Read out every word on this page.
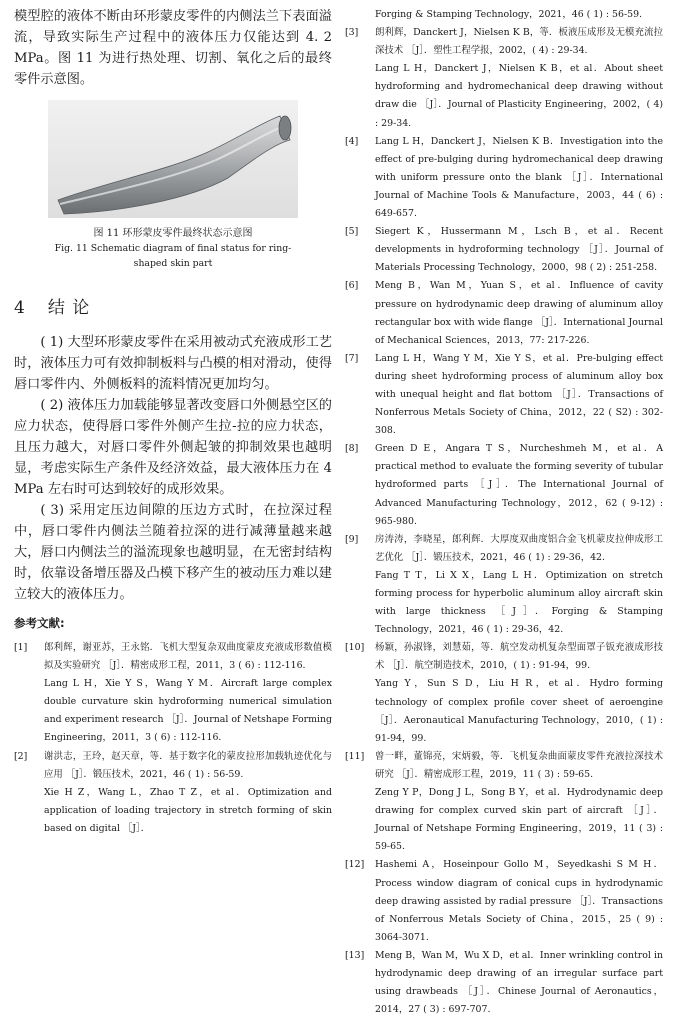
模型腔的液体不断由环形蒙皮零件的内侧法兰下表面溢流，导致实际生产过程中的液体压力仅能达到 4. 2 MPa。图 11 为进行热处理、切割、氧化之后的最终零件示意图。

图 11 环形蒙皮零件最终状态示意图
Fig. 11 Schematic diagram of final status for ring-shaped skin part
4 结 论

( 1) 大型环形蒙皮零件在采用被动式充液成形工艺时，液体压力可有效抑制板料与凸模的相对滑动，使得唇口零件内、外侧板料的流料情况更加均匀。

( 2) 液体压力加载能够显著改变唇口外侧悬空区的应力状态，使得唇口零件外侧产生拉-拉的应力状态，且压力越大，对唇口零件外侧起皱的抑制效果也越明显，考虑实际生产条件及经济效益，最大液体压力在 4 MPa 左右时可达到较好的成形效果。

( 3) 采用定压边间隙的压边方式时，在拉深过程中，唇口零件内侧法兰随着拉深的进行减薄量越来越大，唇口内侧法兰的溢流现象也越明显，在无密封结构时，依靠设备增压器及凸模下移产生的被动压力难以建立较大的液体压力。

参考文献:
[1]	郎利辉，谢亚苏，王永铭．飞机大型复杂双曲度蒙皮充液成形数值模拟及实验研究 ［J］．精密成形工程，2011，3 ( 6) : 112-116.

Lang L H，Xie Y S，Wang Y M．Aircraft large complex double curvature skin hydroforming numerical simulation and experiment research ［J］．Journal of Netshape Forming Engineering，2011，3 ( 6) : 112-116.

[2]	谢洪志，王玲，赵天章，等．基于数字化的蒙皮拉形加载轨迹优化与应用 ［J］．锻压技术，2021，46 ( 1) : 56-59.

Xie H Z，Wang L，Zhao T Z，et al．Optimization and application of loading trajectory in stretch forming of skin based on digital ［J］．

Forging & Stamping Technology，2021，46 ( 1) : 56-59.

[3]	朗利辉，Danckert J，Nielsen K B，等．板液压成形及无模充流拉深技术 ［J］．塑性工程学报，2002，( 4) : 29-34.

Lang L H，Danckert J，Nielsen K B，et al．About sheet hydroforming and hydromechanical deep drawing without draw die ［J］．Journal of Plasticity Engineering，2002，( 4) : 29-34.

[4]	Lang L H，Danckert J，Nielsen K B．Investigation into the effect of pre-bulging during hydromechanical deep drawing with uniform pressure onto the blank ［J］．International Journal of Machine Tools & Manufacture，2003，44 ( 6) : 649-657.

[5]	Siegert K，Hussermann M，Lsch B，et al．Recent developments in hydroforming technology ［J］．Journal of Materials Processing Technology，2000，98 ( 2) : 251-258.

[6]	Meng B，Wan M，Yuan S，et al．Influence of cavity pressure on hydrodynamic deep drawing of aluminum alloy rectangular box with wide flange ［J］．International Journal of Mechanical Sciences，2013，77: 217-226.

[7]	Lang L H，Wang Y M，Xie Y S，et al．Pre-bulging effect during sheet hydroforming process of aluminum alloy box with unequal height and flat bottom ［J］．Transactions of Nonferrous Metals Society of China，2012，22 ( S2) : 302-308.

[8]	Green D E，Angara T S，Nurcheshmeh M，et al．A practical method to evaluate the forming severity of tubular hydroformed parts ［J］．The International Journal of Advanced Manufacturing Technology，2012，62 ( 9-12) : 965-980.

[9]	房涛涛，李晓星，郎利辉．大厚度双曲度铝合金飞机蒙皮拉伸成形工艺优化 ［J］．锻压技术，2021，46 ( 1) : 29-36，42.

Fang T T，Li X X，Lang L H．Optimization on stretch forming process for hyperbolic aluminum alloy aircraft skin with large thickness ［J］．Forging & Stamping Technology，2021，46 ( 1) : 29-36，42.

[10]	杨颖，孙淑锋，刘慧茹，等．航空发动机复杂型面罩子钣充液成形技术 ［J］．航空制造技术，2010，( 1) : 91-94，99.

Yang Y，Sun S D，Liu H R，et al．Hydro forming technology of complex profile cover sheet of aeroengine ［J］．Aeronautical Manufacturing Technology，2010，( 1) : 91-94，99.

[11]	曾一畔，董锦亮，宋炳毅，等．飞机复杂曲面蒙皮零件充液拉深技术研究 ［J］．精密成形工程，2019，11 ( 3) : 59-65.

Zeng Y P，Dong J L，Song B Y，et al．Hydrodynamic deep drawing for complex curved skin part of aircraft ［J］．Journal of Netshape Forming Engineering，2019，11 ( 3) : 59-65.

[12]	Hashemi A，Hoseinpour Gollo M，Seyedkashi S M H．Process window diagram of conical cups in hydrodynamic deep drawing assisted by radial pressure ［J］．Transactions of Nonferrous Metals Society of China，2015，25 ( 9) : 3064-3071.

[13]	Meng B，Wan M，Wu X D，et al．Inner wrinkling control in hydrodynamic deep drawing of an irregular surface part using drawbeads ［J］．Chinese Journal of Aeronautics，2014，27 ( 3) : 697-707.
